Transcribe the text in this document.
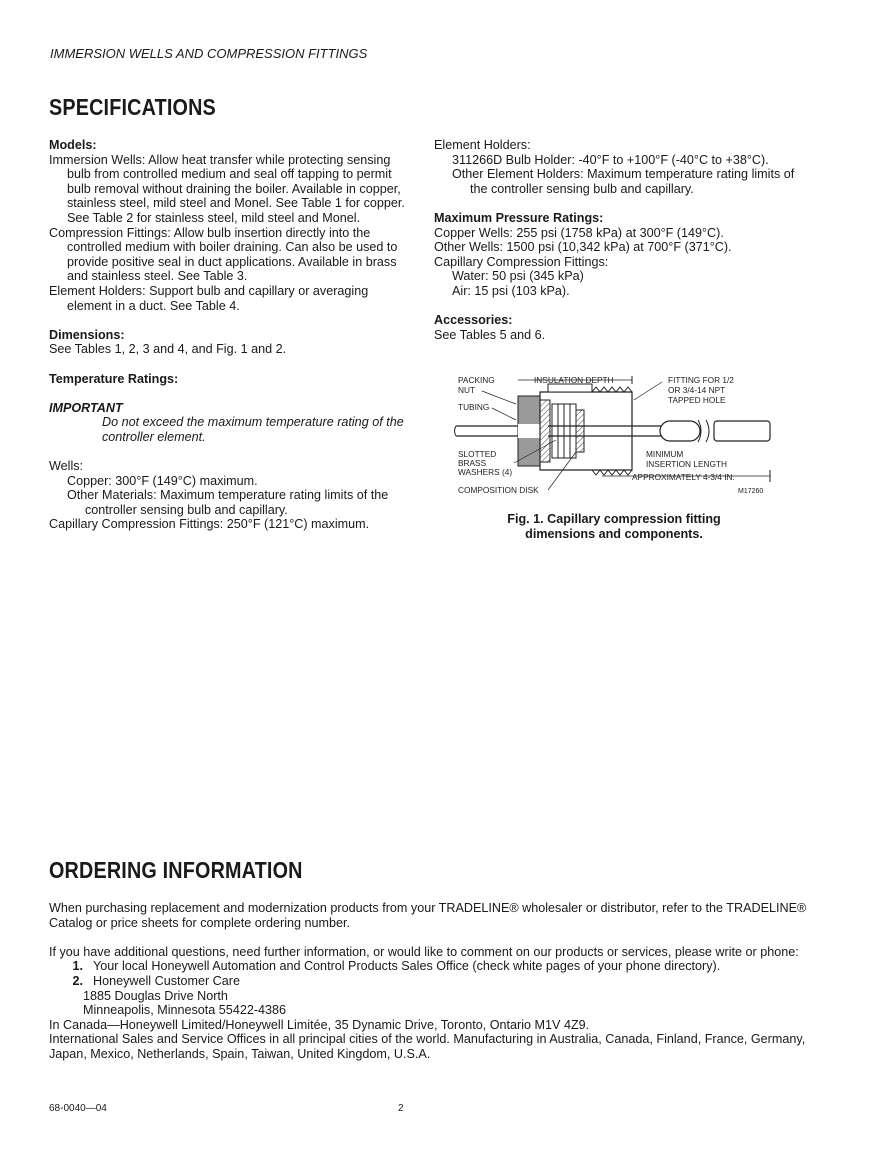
IMMERSION WELLS AND COMPRESSION FITTINGS
SPECIFICATIONS

Models:

Immersion Wells: Allow heat transfer while protecting sensing bulb from controlled medium and seal off tapping to permit bulb removal without draining the boiler. Available in copper, stainless steel, mild steel and Monel. See Table 1 for copper. See Table 2 for stainless steel, mild steel and Monel.

Compression Fittings: Allow bulb insertion directly into the controlled medium with boiler draining. Can also be used to provide positive seal in duct applications. Available in brass and stainless steel. See Table 3.

Element Holders: Support bulb and capillary or averaging element in a duct. See Table 4.

Dimensions:

See Tables 1, 2, 3 and 4, and Fig. 1 and 2.

Temperature Ratings:

IMPORTANT

Do not exceed the maximum temperature rating of the controller element.

Wells:

Copper: 300°F (149°C) maximum.

Other Materials: Maximum temperature rating limits of the controller sensing bulb and capillary.

Capillary Compression Fittings: 250°F (121°C) maximum.

Element Holders:

311266D Bulb Holder: -40°F to +100°F (-40°C to +38°C).

Other Element Holders: Maximum temperature rating limits of the controller sensing bulb and capillary.

Maximum Pressure Ratings:

Copper Wells: 255 psi (1758 kPa) at 300°F (149°C).

Other Wells: 1500 psi (10,342 kPa) at 700°F (371°C).

Capillary Compression Fittings:

Water: 50 psi (345 kPa)

Air: 15 psi (103 kPa).

Accessories:

See Tables 5 and 6.

PACKING
NUT
TUBING
INSULATION DEPTH	FITTING FOR 1/2
OR 3/4-14 NPT
TAPPED HOLE
SLOTTED
BRASS
WASHERS (4)
MINIMUM
INSERTION LENGTH
APPROXIMATELY 4-3/4 IN.
COMPOSITION DISK	M17260
Fig. 1. Capillary compression fitting
dimensions and components.
ORDERING INFORMATION

When purchasing replacement and modernization products from your TRADELINE® wholesaler or distributor, refer to the TRADELINE® Catalog or price sheets for complete ordering number.

If you have additional questions, need further information, or would like to comment on our products or services, please write or phone:

1. Your local Honeywell Automation and Control Products Sales Office (check white pages of your phone directory).
2. Honeywell Customer Care

1885 Douglas Drive North

Minneapolis, Minnesota 55422-4386

In Canada—Honeywell Limited/Honeywell Limitée, 35 Dynamic Drive, Toronto, Ontario M1V 4Z9.

International Sales and Service Offices in all principal cities of the world. Manufacturing in Australia, Canada, Finland, France, Germany, Japan, Mexico, Netherlands, Spain, Taiwan, United Kingdom, U.S.A.

68-0040—04	2
